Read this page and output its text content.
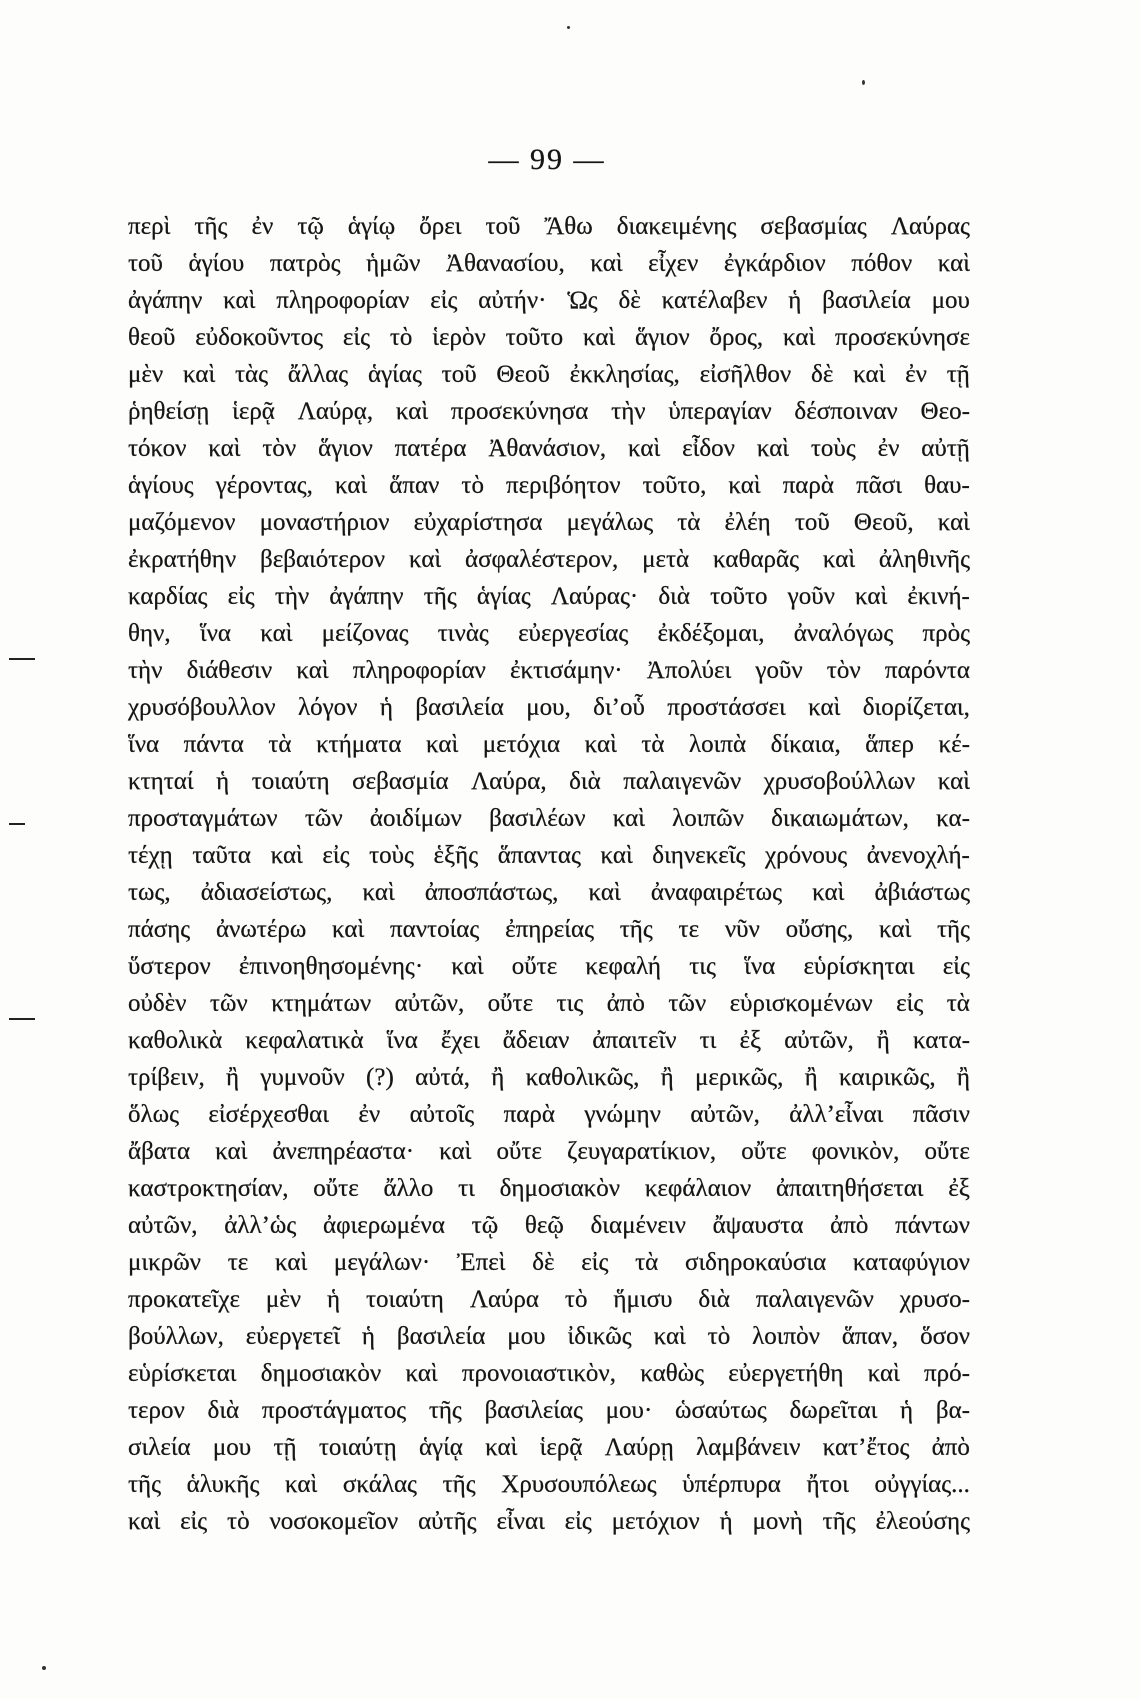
— 99 —
περὶ τῆς ἐν τῷ ἁγίῳ ὄρει τοῦ Ἄθω διακειμένης σεβασμίας Λαύρας
τοῦ ἁγίου πατρὸς ἡμῶν Ἀθανασίου, καὶ εἶχεν ἐγκάρδιον πόθον καὶ
ἀγάπην καὶ πληροφορίαν εἰς αὐτήν· Ὡς δὲ κατέλαβεν ἡ βασιλεία μου
θεοῦ εὐδοκοῦντος εἰς τὸ ἱερὸν τοῦτο καὶ ἅγιον ὄρος, καὶ προσεκύνησε
μὲν καὶ τὰς ἄλλας ἁγίας τοῦ Θεοῦ ἐκκλησίας, εἰσῆλθον δὲ καὶ ἐν τῇ
ῥηθείσῃ ἱερᾷ Λαύρᾳ, καὶ προσεκύνησα τὴν ὑπεραγίαν δέσποιναν Θεο-
τόκον καὶ τὸν ἅγιον πατέρα Ἀθανάσιον, καὶ εἶδον καὶ τοὺς ἐν αὐτῇ
ἁγίους γέροντας, καὶ ἅπαν τὸ περιβόητον τοῦτο, καὶ παρὰ πᾶσι θαυ-
μαζόμενον μοναστήριον εὐχαρίστησα μεγάλως τὰ ἐλέη τοῦ Θεοῦ, καὶ
ἐκρατήθην βεβαιότερον καὶ ἀσφαλέστερον, μετὰ καθαρᾶς καὶ ἀληθινῆς
καρδίας εἰς τὴν ἀγάπην τῆς ἁγίας Λαύρας· διὰ τοῦτο γοῦν καὶ ἐκινή-
θην, ἵνα καὶ μείζονας τινὰς εὐεργεσίας ἐκδέξομαι, ἀναλόγως πρὸς
τὴν διάθεσιν καὶ πληροφορίαν ἐκτισάμην· Ἀπολύει γοῦν τὸν παρόντα
χρυσόβουλλον λόγον ἡ βασιλεία μου, δι’οὗ προστάσσει καὶ διορίζεται,
ἵνα πάντα τὰ κτήματα καὶ μετόχια καὶ τὰ λοιπὰ δίκαια, ἅπερ κέ-
κτηταί ἡ τοιαύτη σεβασμία Λαύρα, διὰ παλαιγενῶν χρυσοβούλλων καὶ
προσταγμάτων τῶν ἀοιδίμων βασιλέων καὶ λοιπῶν δικαιωμάτων, κα-
τέχῃ ταῦτα καὶ εἰς τοὺς ἑξῆς ἅπαντας καὶ διηνεκεῖς χρόνους ἀνενοχλή-
τως, ἀδιασείστως, καὶ ἀποσπάστως, καὶ ἀναφαιρέτως καὶ ἀβιάστως
πάσης ἀνωτέρω καὶ παντοίας ἐπηρείας τῆς τε νῦν οὔσης, καὶ τῆς
ὕστερον ἐπινοηθησομένης· καὶ οὔτε κεφαλή τις ἵνα εὑρίσκηται εἰς
οὐδὲν τῶν κτημάτων αὐτῶν, οὔτε τις ἀπὸ τῶν εὑρισκομένων εἰς τὰ
καθολικὰ κεφαλατικὰ ἵνα ἔχει ἄδειαν ἀπαιτεῖν τι ἐξ αὐτῶν, ἢ κατα-
τρίβειν, ἢ γυμνοῦν (?) αὐτά, ἢ καθολικῶς, ἢ μερικῶς, ἢ καιρικῶς, ἢ
ὅλως εἰσέρχεσθαι ἐν αὐτοῖς παρὰ γνώμην αὐτῶν, ἀλλ’εἶναι πᾶσιν
ἄβατα καὶ ἀνεπηρέαστα· καὶ οὔτε ζευγαρατίκιον, οὔτε φονικὸν, οὔτε
καστροκτησίαν, οὔτε ἄλλο τι δημοσιακὸν κεφάλαιον ἀπαιτηθήσεται ἐξ
αὐτῶν, ἀλλ’ὡς ἀφιερωμένα τῷ θεῷ διαμένειν ἄψαυστα ἀπὸ πάντων
μικρῶν τε καὶ μεγάλων· Ἐπεὶ δὲ εἰς τὰ σιδηροκαύσια καταφύγιον
προκατεῖχε μὲν ἡ τοιαύτη Λαύρα τὸ ἥμισυ διὰ παλαιγενῶν χρυσο-
βούλλων, εὐεργετεῖ ἡ βασιλεία μου ἰδικῶς καὶ τὸ λοιπὸν ἅπαν, ὅσον
εὑρίσκεται δημοσιακὸν καὶ προνοιαστικὸν, καθὼς εὐεργετήθη καὶ πρό-
τερον διὰ προστάγματος τῆς βασιλείας μου· ὡσαύτως δωρεῖται ἡ βα-
σιλεία μου τῇ τοιαύτῃ ἁγίᾳ καὶ ἱερᾷ Λαύρῃ λαμβάνειν κατ’ἔτος ἀπὸ
τῆς ἁλυκῆς καὶ σκάλας τῆς Χρυσουπόλεως ὑπέρπυρα ἤτοι οὐγγίας...
καὶ εἰς τὸ νοσοκομεῖον αὐτῆς εἶναι εἰς μετόχιον ἡ μονὴ τῆς ἐλεούσης
